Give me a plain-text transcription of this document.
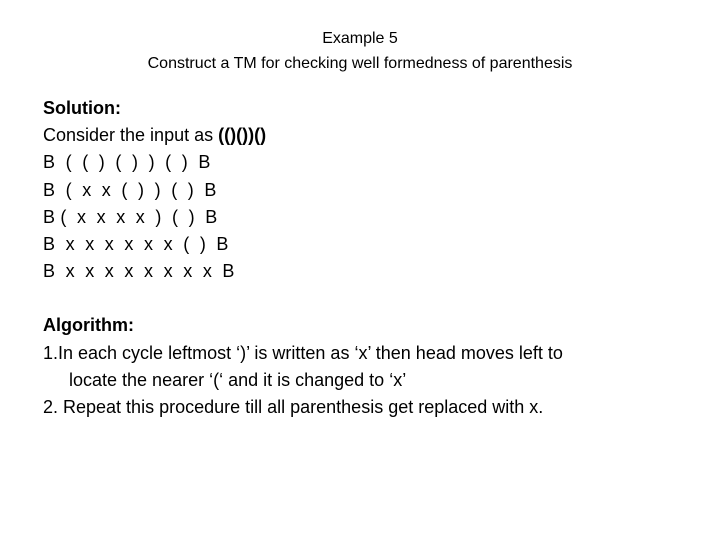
Example 5
Construct a TM for checking well formedness of parenthesis
Solution:
Consider the input as (()())()
B  (  (  )  (  )  )  (  )  B
B  (  x  x  (  )  )  (  )  B
B (  x  x  x  x  )  (  )  B
B  x  x  x  x  x  x  (  )  B
B  x  x  x  x  x  x  x  x  B
Algorithm:
1.In each cycle leftmost ‘)’ is written as ‘x’ then head moves left to
locate the nearer ‘(‘ and it is changed to ‘x’
2. Repeat this procedure till all parenthesis get replaced with x.
